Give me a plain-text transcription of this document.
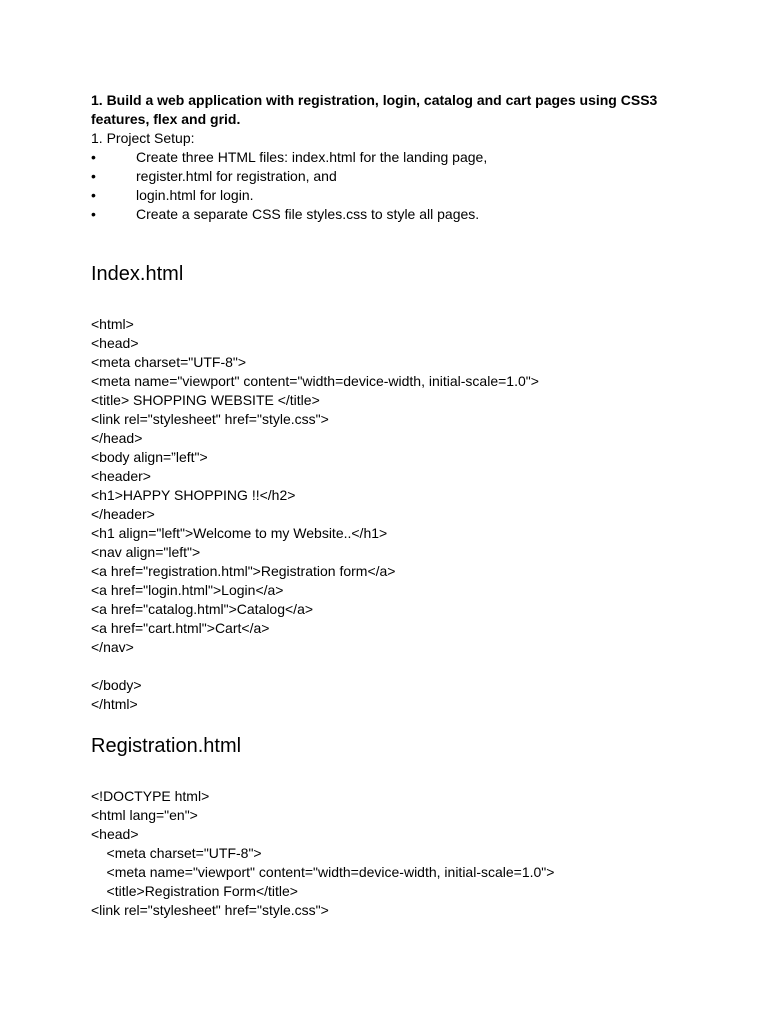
1. Build a web application with registration, login, catalog and cart pages using CSS3 features, flex and grid.

1. Project Setup:

•	Create three HTML files: index.html for the landing page,
•	register.html for registration, and
•	login.html for login.
•	Create a separate CSS file styles.css to style all pages.
Index.html

<html>

<head>

<meta charset="UTF-8">

<meta name="viewport" content="width=device-width, initial-scale=1.0">

<title> SHOPPING WEBSITE </title>

<link rel="stylesheet" href="style.css">

</head>

<body align=”left">

<header>

<h1>HAPPY SHOPPING !!</h2>

</header>

<h1 align="left">Welcome to my Website..</h1>

<nav align="left">

<a href="registration.html">Registration form</a>

<a href="login.html">Login</a>

<a href="catalog.html">Catalog</a>

<a href="cart.html">Cart</a>

</nav>

</body>

</html>

Registration.html

<!DOCTYPE html>

<html lang="en">

<head>

<meta charset="UTF-8">

<meta name="viewport" content="width=device-width, initial-scale=1.0">

<title>Registration Form</title>

<link rel="stylesheet" href="style.css">
